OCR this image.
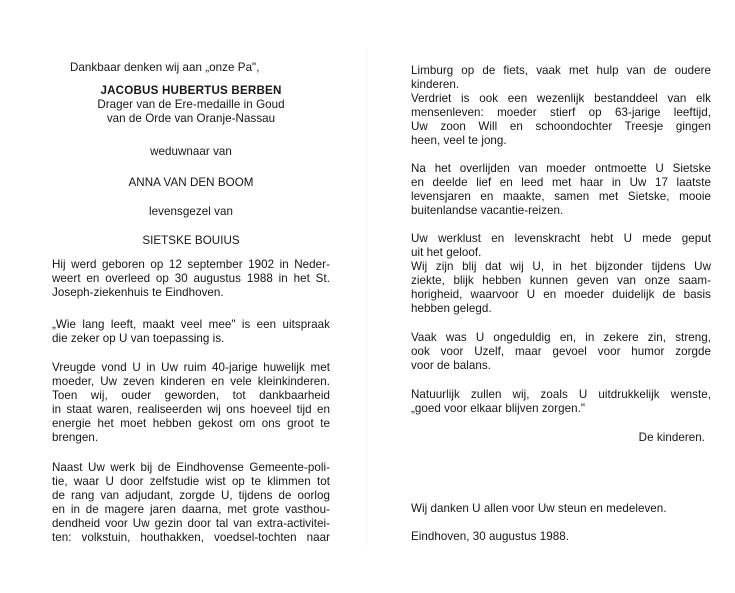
Dankbaar denken wij aan „onze Pa",
JACOBUS HUBERTUS BERBEN
Drager van de Ere-medaille in Goud
van de Orde van Oranje-Nassau
weduwnaar van
ANNA VAN DEN BOOM
levensgezel van
SIETSKE BOUIUS
Hij werd geboren op 12 september 1902 in Neder-
weert en overleed op 30 augustus 1988 in het St.
Joseph-ziekenhuis te Eindhoven.
„Wie lang leeft, maakt veel mee" is een uitspraak
die zeker op U van toepassing is.
Vreugde vond U in Uw ruim 40-jarige huwelijk met
moeder, Uw zeven kinderen en vele kleinkinderen.
Toen wij, ouder geworden, tot dankbaarheid
in staat waren, realiseerden wij ons hoeveel tijd en
energie het moet hebben gekost om ons groot te
brengen.
Naast Uw werk bij de Eindhovense Gemeente-poli-
tie, waar U door zelfstudie wist op te klimmen tot
de rang van adjudant, zorgde U, tijdens de oorlog
en in de magere jaren daarna, met grote vasthou-
dendheid voor Uw gezin door tal van extra-activitei-
ten: volkstuin, houthakken, voedsel-tochten naar
Limburg op de fiets, vaak met hulp van de oudere
kinderen.
Verdriet is ook een wezenlijk bestanddeel van elk
mensenleven: moeder stierf op 63-jarige leeftijd,
Uw zoon Will en schoondochter Treesje gingen
heen, veel te jong.
Na het overlijden van moeder ontmoette U Sietske
en deelde lief en leed met haar in Uw 17 laatste
levensjaren en maakte, samen met Sietske, mooie
buitenlandse vacantie-reizen.
Uw werklust en levenskracht hebt U mede geput
uit het geloof.
Wij zijn blij dat wij U, in het bijzonder tijdens Uw
ziekte, blijk hebben kunnen geven van onze saam-
horigheid, waarvoor U en moeder duidelijk de basis
hebben gelegd.
Vaak was U ongeduldig en, in zekere zin, streng,
ook voor Uzelf, maar gevoel voor humor zorgde
voor de balans.
Natuurlijk zullen wij, zoals U uitdrukkelijk wenste,
„goed voor elkaar blijven zorgen."
De kinderen.
Wij danken U allen voor Uw steun en medeleven.
Eindhoven, 30 augustus 1988.
